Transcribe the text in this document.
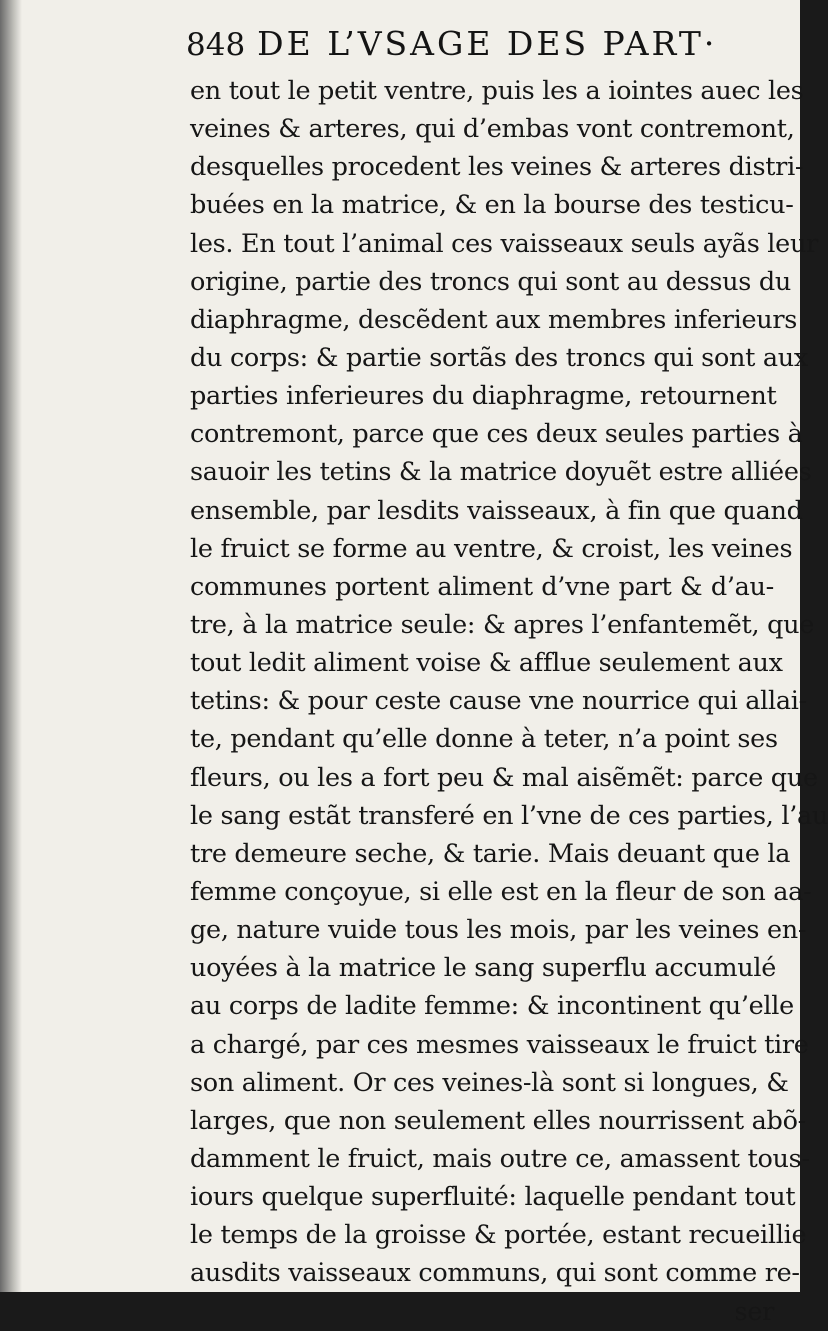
848 DE L’VSAGE DES PART·
en tout le petit ventre, puis les a iointes auec les
veines & arteres, qui d’embas vont contremont,
desquelles procedent les veines & arteres distri-
buées en la matrice, & en la bourse des testicu-
les. En tout l’animal ces vaisseaux seuls ayãs leur
origine, partie des troncs qui sont au dessus du
diaphragme, descẽdent aux membres inferieurs
du corps: & partie sortãs des troncs qui sont aux
parties inferieures du diaphragme, retournent
contremont, parce que ces deux seules parties à
sauoir les tetins & la matrice doyuẽt estre alliées
ensemble, par lesdits vaisseaux, à fin que quand
le fruict se forme au ventre, & croist, les veines
communes portent aliment d’vne part & d’au-
tre, à la matrice seule: & apres l’enfantemẽt, que
tout ledit aliment voise & afflue seulement aux
tetins: & pour ceste cause vne nourrice qui allai-
te, pendant qu’elle donne à teter, n’a point ses
fleurs, ou les a fort peu & mal aisẽmẽt: parce que
le sang estãt transferé en l’vne de ces parties, l’au
tre demeure seche, & tarie. Mais deuant que la
femme conçoyue, si elle est en la fleur de son aa-
ge, nature vuide tous les mois, par les veines en-
uoyées à la matrice le sang superflu accumulé
au corps de ladite femme: & incontinent qu’elle
a chargé, par ces mesmes vaisseaux le fruict tire
son aliment. Or ces veines-là sont si longues, &
larges, que non seulement elles nourrissent abõ-
damment le fruict, mais outre ce, amassent tous-
iours quelque superfluité: laquelle pendant tout
le temps de la groisse & portée, estant recueillie
ausdits vaisseaux communs, qui sont comme re-
ser
